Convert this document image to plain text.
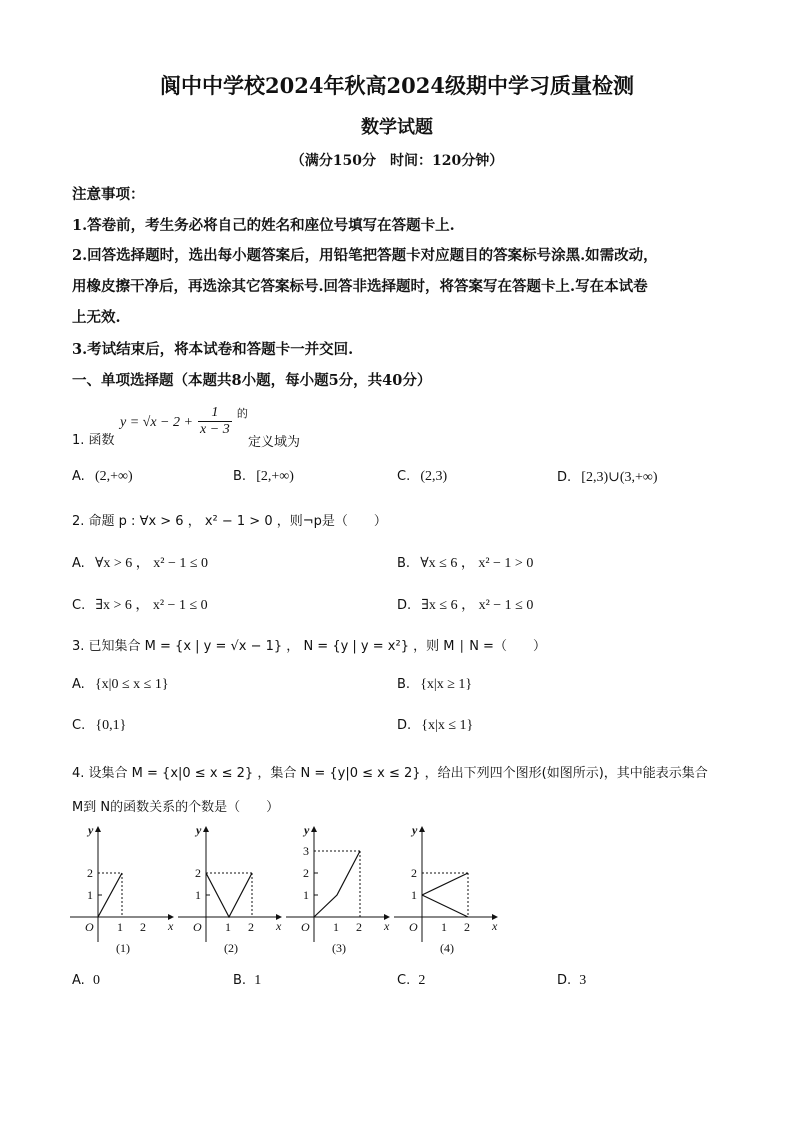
阆中中学校2024年秋高2024级期中学习质量检测
数学试题
（满分150分　时间：120分钟）
注意事项：
1.答卷前，考生务必将自己的姓名和座位号填写在答题卡上.
2.回答选择题时，选出每小题答案后，用铅笔把答题卡对应题目的答案标号涂黑.如需改动，
用橡皮擦干净后，再选涂其它答案标号.回答非选择题时，将答案写在答题卡上.写在本试卷
上无效.
3.考试结束后，将本试卷和答题卡一并交回.
一、单项选择题（本题共8小题，每小题5分，共40分）
1. 函数
$y = √x - 2 + \frac{1}{x - 3} ^的$
定义域为
A. (2,+∞)	B. [2,+∞)	C. (2,3)	D. [2,3)∪(3,+∞)
2. 命题 p : ∀x > 6 ， x² − 1 > 0 ，则¬p是（　　）
A. ∀x > 6 ， x² − 1 ≤ 0	B. ∀x ≤ 6 ， x² − 1 > 0
C. ∃x > 6 ， x² − 1 ≤ 0	D. ∃x ≤ 6 ， x² − 1 ≤ 0
3. 已知集合 M = {x | y = √x − 1} ， N = {y | y = x²} ，则 M ∣ N =（　　）
A. {x|0 ≤ x ≤ 1}	B. {x|x ≥ 1}
C. {0,1}	D. {x|x ≤ 1}
4. 设集合 M = {x|0 ≤ x ≤ 2} ，集合 N = {y|0 ≤ x ≤ 2} ，给出下列四个图形(如图所示)，其中能表示集合
M到 N的函数关系的个数是（　　）
y
x
O 1 2
1
2
(1)
y
x
O 1 2
1
2
(2)
y
x
O 1 2
1
2
3
(3)
y
x
O 1 2
1
2
(4)
A. 0	B. 1	C. 2	D. 3
